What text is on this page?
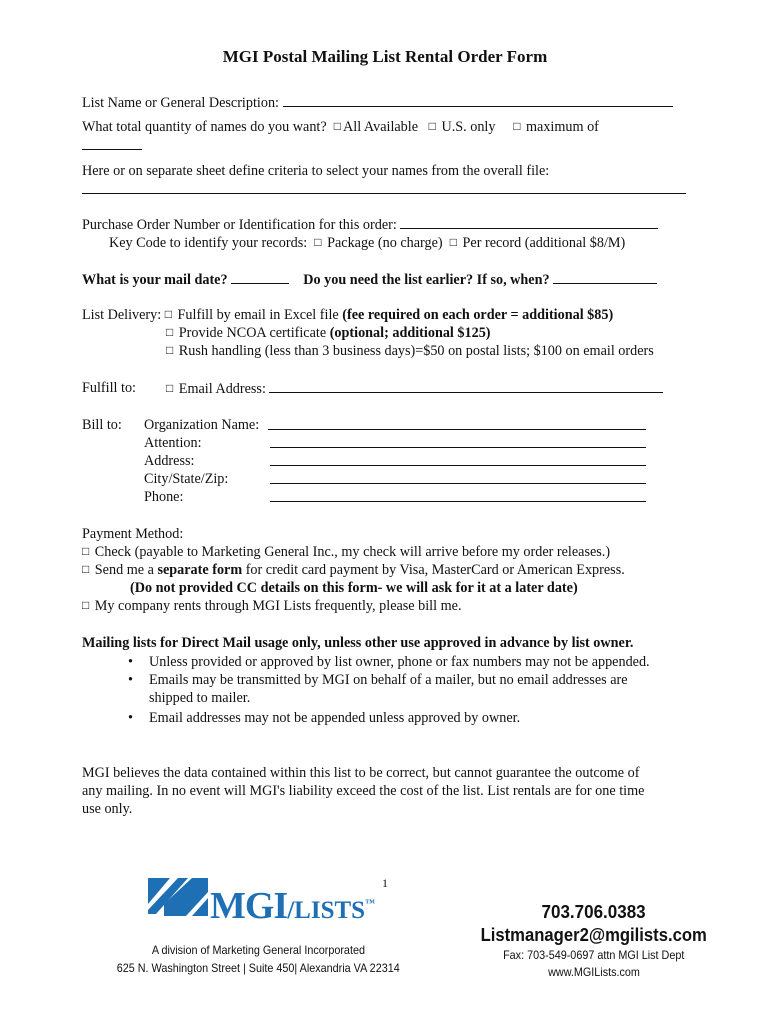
MGI Postal Mailing List Rental Order Form
List Name or General Description:
What total quantity of names do you want? □ All Available □ U.S. only □ maximum of
Here or on separate sheet define criteria to select your names from the overall file:
Purchase Order Number or Identification for this order:
Key Code to identify your records: □ Package (no charge) □ Per record (additional $8/M)
What is your mail date?	Do you need the list earlier? If so, when?
List Delivery: □ Fulfill by email in Excel file (fee required on each order = additional $85)
□ Provide NCOA certificate (optional; additional $125)
□ Rush handling (less than 3 business days)=$50 on postal lists; $100 on email orders
Fulfill to:	□ Email Address:
Bill to: Organization Name:
Attention:
Address:
City/State/Zip:
Phone:
Payment Method:
□ Check (payable to Marketing General Inc., my check will arrive before my order releases.)
□ Send me a separate form for credit card payment by Visa, MasterCard or American Express.
(Do not provided CC details on this form- we will ask for it at a later date)
□ My company rents through MGI Lists frequently, please bill me.
Mailing lists for Direct Mail usage only, unless other use approved in advance by list owner.
• Unless provided or approved by list owner, phone or fax numbers may not be appended.
• Emails may be transmitted by MGI on behalf of a mailer, but no email addresses are
shipped to mailer.
• Email addresses may not be appended unless approved by owner.
MGI believes the data contained within this list to be correct, but cannot guarantee the outcome of
any mailing. In no event will MGI's liability exceed the cost of the list. List rentals are for one time
use only.
1
MGI/LISTS™
A division of Marketing General Incorporated
625 N. Washington Street | Suite 450| Alexandria VA 22314
703.706.0383
Listmanager2@mgilists.com
Fax: 703-549-0697 attn MGI List Dept
www.MGILists.com
